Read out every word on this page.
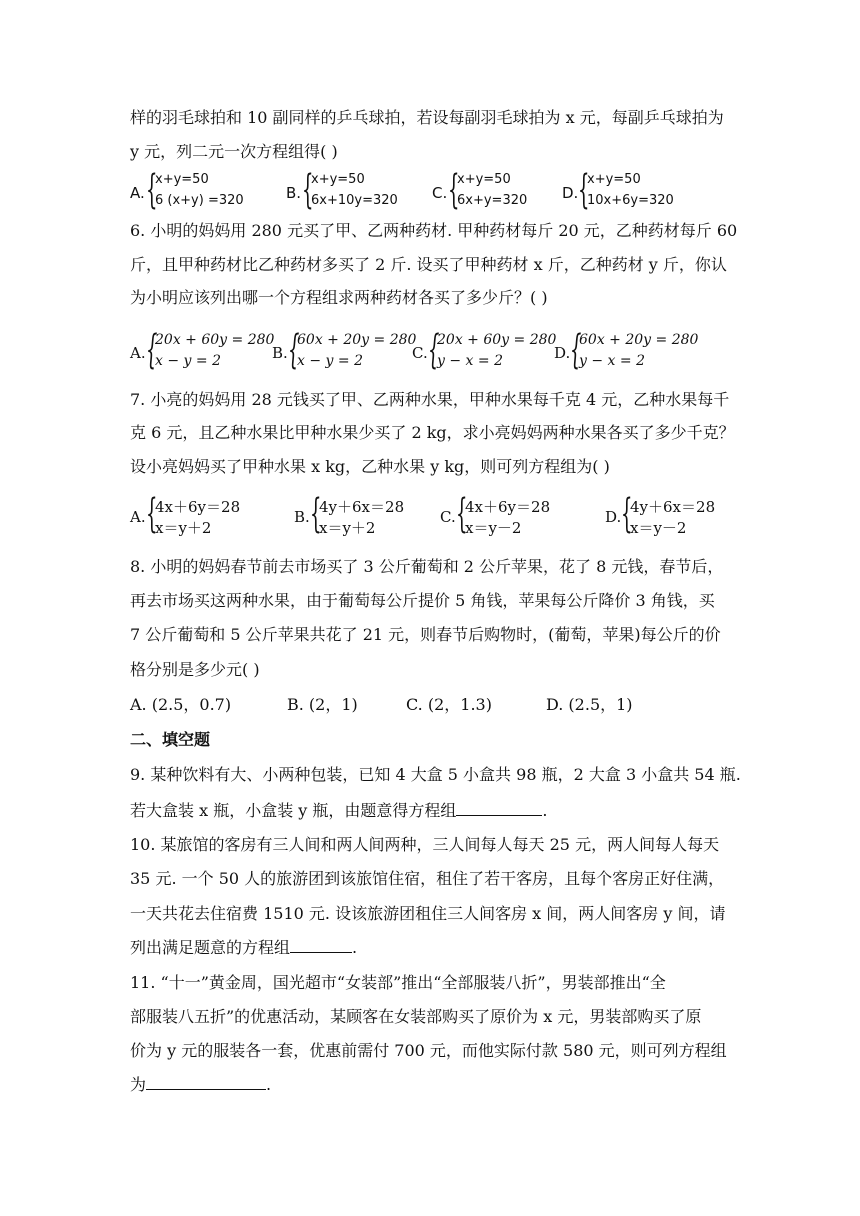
样的羽毛球拍和 10 副同样的乒乓球拍，若设每副羽毛球拍为 x 元，每副乒乓球拍为
y 元，列二元一次方程组得( )
A. {
x+y=50
6 (x+y) =320	B. {
x+y=50
6x+10y=320 C. {
x+y=50
6x+y=320 D. {
x+y=50
10x+6y=320
6. 小明的妈妈用 280 元买了甲、乙两种药材. 甲种药材每斤 20 元，乙种药材每斤 60
斤，且甲种药材比乙种药材多买了 2 斤. 设买了甲种药材 x 斤，乙种药材 y 斤，你认
为小明应该列出哪一个方程组求两种药材各买了多少斤？( )
A. {
20x + 60y = 280
x − y = 2	B. {
60x + 20y = 280
x − y = 2	C. {
20x + 60y = 280
y − x = 2	D. {
60x + 20y = 280
y − x = 2
7. 小亮的妈妈用 28 元钱买了甲、乙两种水果，甲种水果每千克 4 元，乙种水果每千
克 6 元，且乙种水果比甲种水果少买了 2 kg，求小亮妈妈两种水果各买了多少千克？
设小亮妈妈买了甲种水果 x kg，乙种水果 y kg，则可列方程组为( )
A. {
4x＋6y＝28
x＝y＋2
B. {
4y＋6x＝28
x＝y＋2
C. {
4x＋6y＝28
x＝y－2
D. {
4y＋6x＝28
x＝y－2
8. 小明的妈妈春节前去市场买了 3 公斤葡萄和 2 公斤苹果，花了 8 元钱，春节后，
再去市场买这两种水果，由于葡萄每公斤提价 5 角钱，苹果每公斤降价 3 角钱，买
7 公斤葡萄和 5 公斤苹果共花了 21 元，则春节后购物时，(葡萄，苹果)每公斤的价
格分别是多少元( )
A. (2.5，0.7)	B. (2，1)	C. (2，1.3)	D. (2.5，1)
二、填空题
9. 某种饮料有大、小两种包装，已知 4 大盒 5 小盒共 98 瓶，2 大盒 3 小盒共 54 瓶.
若大盒装 x 瓶，小盒装 y 瓶，由题意得方程组	.
10. 某旅馆的客房有三人间和两人间两种，三人间每人每天 25 元，两人间每人每天
35 元. 一个 50 人的旅游团到该旅馆住宿，租住了若干客房，且每个客房正好住满，
一天共花去住宿费 1510 元. 设该旅游团租住三人间客房 x 间，两人间客房 y 间，请
列出满足题意的方程组	.
11. “十一”黄金周，国光超市“女装部”推出“全部服装八折”，男装部推出“全
部服装八五折”的优惠活动，某顾客在女装部购买了原价为 x 元，男装部购买了原
价为 y 元的服装各一套，优惠前需付 700 元，而他实际付款 580 元，则可列方程组
为	.
